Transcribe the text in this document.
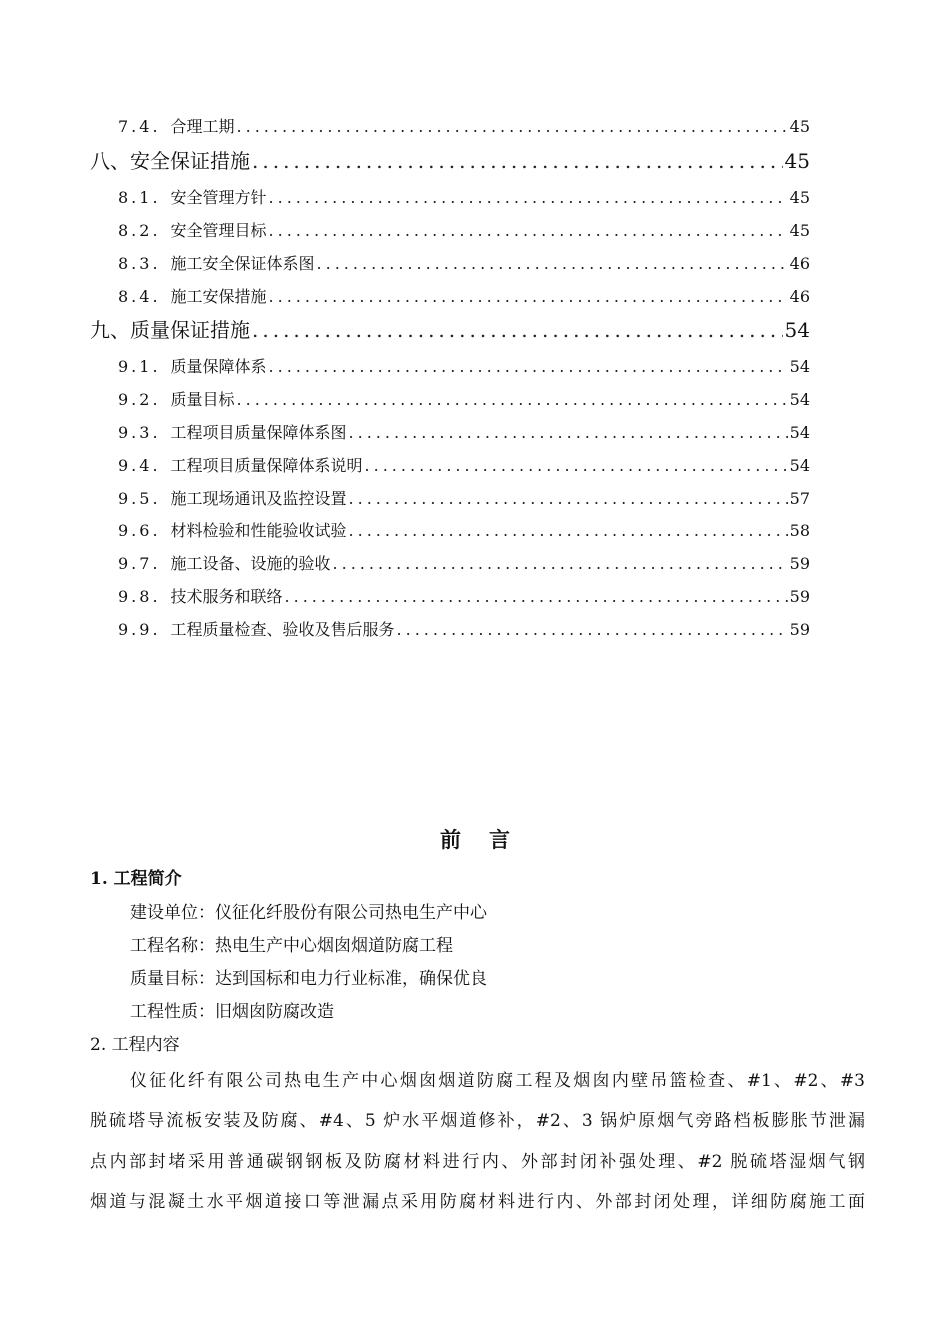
7.4. 合理工期 .....	45
八、安全保证措施 .....	45
8.1. 安全管理方针 .....	45
8.2. 安全管理目标 .....	45
8.3. 施工安全保证体系图 .....	46
8.4. 施工安保措施 .....	46
九、质量保证措施 .....	54
9.1. 质量保障体系 .....	54
9.2. 质量目标 .....	54
9.3. 工程项目质量保障体系图 .....	54
9.4. 工程项目质量保障体系说明 .....	54
9.5. 施工现场通讯及监控设置 .....	57
9.6. 材料检验和性能验收试验 .....	58
9.7. 施工设备、设施的验收 .....	59
9.8. 技术服务和联络 .....	59
9.9. 工程质量检查、验收及售后服务 .....	59
前言
1. 工程简介
建设单位：仪征化纤股份有限公司热电生产中心
工程名称：热电生产中心烟囱烟道防腐工程
质量目标：达到国标和电力行业标准，确保优良
工程性质：旧烟囱防腐改造
2. 工程内容
仪征化纤有限公司热电生产中心烟囱烟道防腐工程及烟囱内壁吊篮检查、#1、#2、#3
脱硫塔导流板安装及防腐、#4、5 炉水平烟道修补，#2、3 锅炉原烟气旁路档板膨胀节泄漏
点内部封堵采用普通碳钢钢板及防腐材料进行内、外部封闭补强处理、#2 脱硫塔湿烟气钢
烟道与混凝土水平烟道接口等泄漏点采用防腐材料进行内、外部封闭处理，详细防腐施工面
